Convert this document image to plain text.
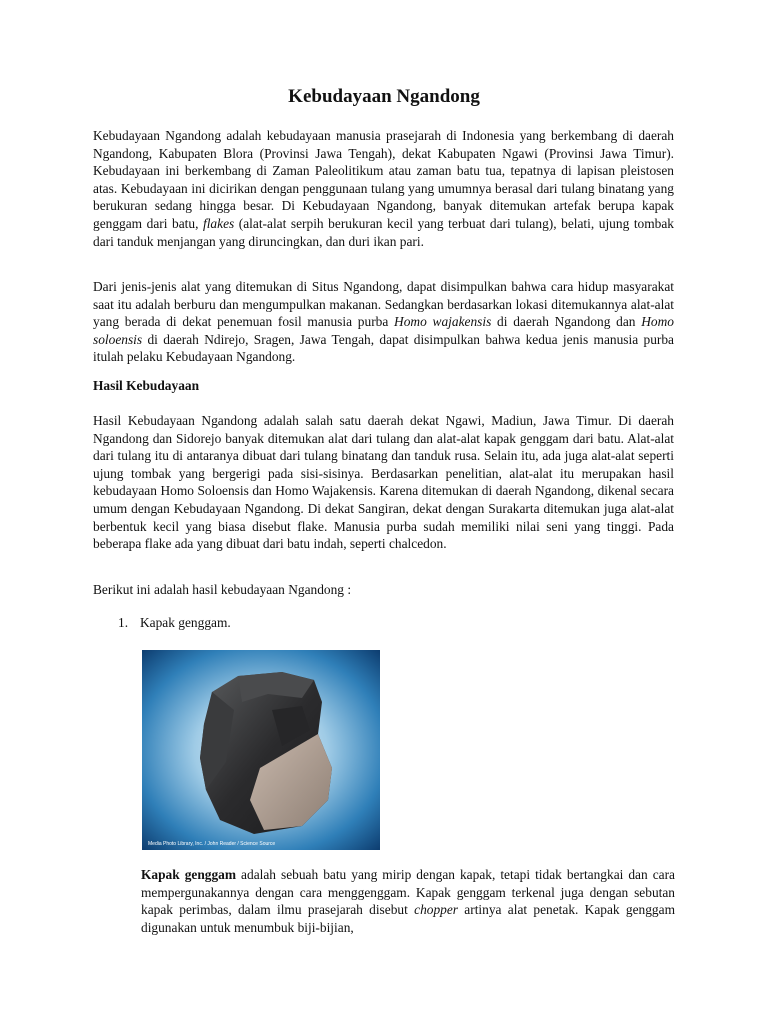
Kebudayaan Ngandong

Kebudayaan Ngandong adalah kebudayaan manusia prasejarah di Indonesia yang berkembang di daerah Ngandong, Kabupaten Blora (Provinsi Jawa Tengah), dekat Kabupaten Ngawi (Provinsi Jawa Timur). Kebudayaan ini berkembang di Zaman Paleolitikum atau zaman batu tua, tepatnya di lapisan pleistosen atas. Kebudayaan ini dicirikan dengan penggunaan tulang yang umumnya berasal dari tulang binatang yang berukuran sedang hingga besar. Di Kebudayaan Ngandong, banyak ditemukan artefak berupa kapak genggam dari batu, flakes (alat-alat serpih berukuran kecil yang terbuat dari tulang), belati, ujung tombak dari tanduk menjangan yang diruncingkan, dan duri ikan pari.

Dari jenis-jenis alat yang ditemukan di Situs Ngandong, dapat disimpulkan bahwa cara hidup masyarakat saat itu adalah berburu dan mengumpulkan makanan. Sedangkan berdasarkan lokasi ditemukannya alat-alat yang berada di dekat penemuan fosil manusia purba Homo wajakensis di daerah Ngandong dan Homo soloensis di daerah Ndirejo, Sragen, Jawa Tengah, dapat disimpulkan bahwa kedua jenis manusia purba itulah pelaku Kebudayaan Ngandong.

Hasil Kebudayaan

Hasil Kebudayaan Ngandong adalah salah satu daerah dekat Ngawi, Madiun, Jawa Timur. Di daerah Ngandong dan Sidorejo banyak ditemukan alat dari tulang dan alat-alat kapak genggam dari batu. Alat-alat dari tulang itu di antaranya dibuat dari tulang binatang dan tanduk rusa. Selain itu, ada juga alat-alat seperti ujung tombak yang bergerigi pada sisi-sisinya. Berdasarkan penelitian, alat-alat itu merupakan hasil kebudayaan Homo Soloensis dan Homo Wajakensis. Karena ditemukan di daerah Ngandong, dikenal secara umum dengan Kebudayaan Ngandong. Di dekat Sangiran, dekat dengan Surakarta ditemukan juga alat-alat berbentuk kecil yang biasa disebut flake. Manusia purba sudah memiliki nilai seni yang tinggi. Pada beberapa flake ada yang dibuat dari batu indah, seperti chalcedon.

Berikut ini adalah hasil kebudayaan Ngandong :

1. Kapak genggam.

Media Photo Library, Inc. / John Reader / Science Source

Kapak genggam adalah sebuah batu yang mirip dengan kapak, tetapi tidak bertangkai dan cara mempergunakannya dengan cara menggenggam. Kapak genggam terkenal juga dengan sebutan kapak perimbas, dalam ilmu prasejarah disebut chopper artinya alat penetak. Kapak genggam digunakan untuk menumbuk biji-bijian,
